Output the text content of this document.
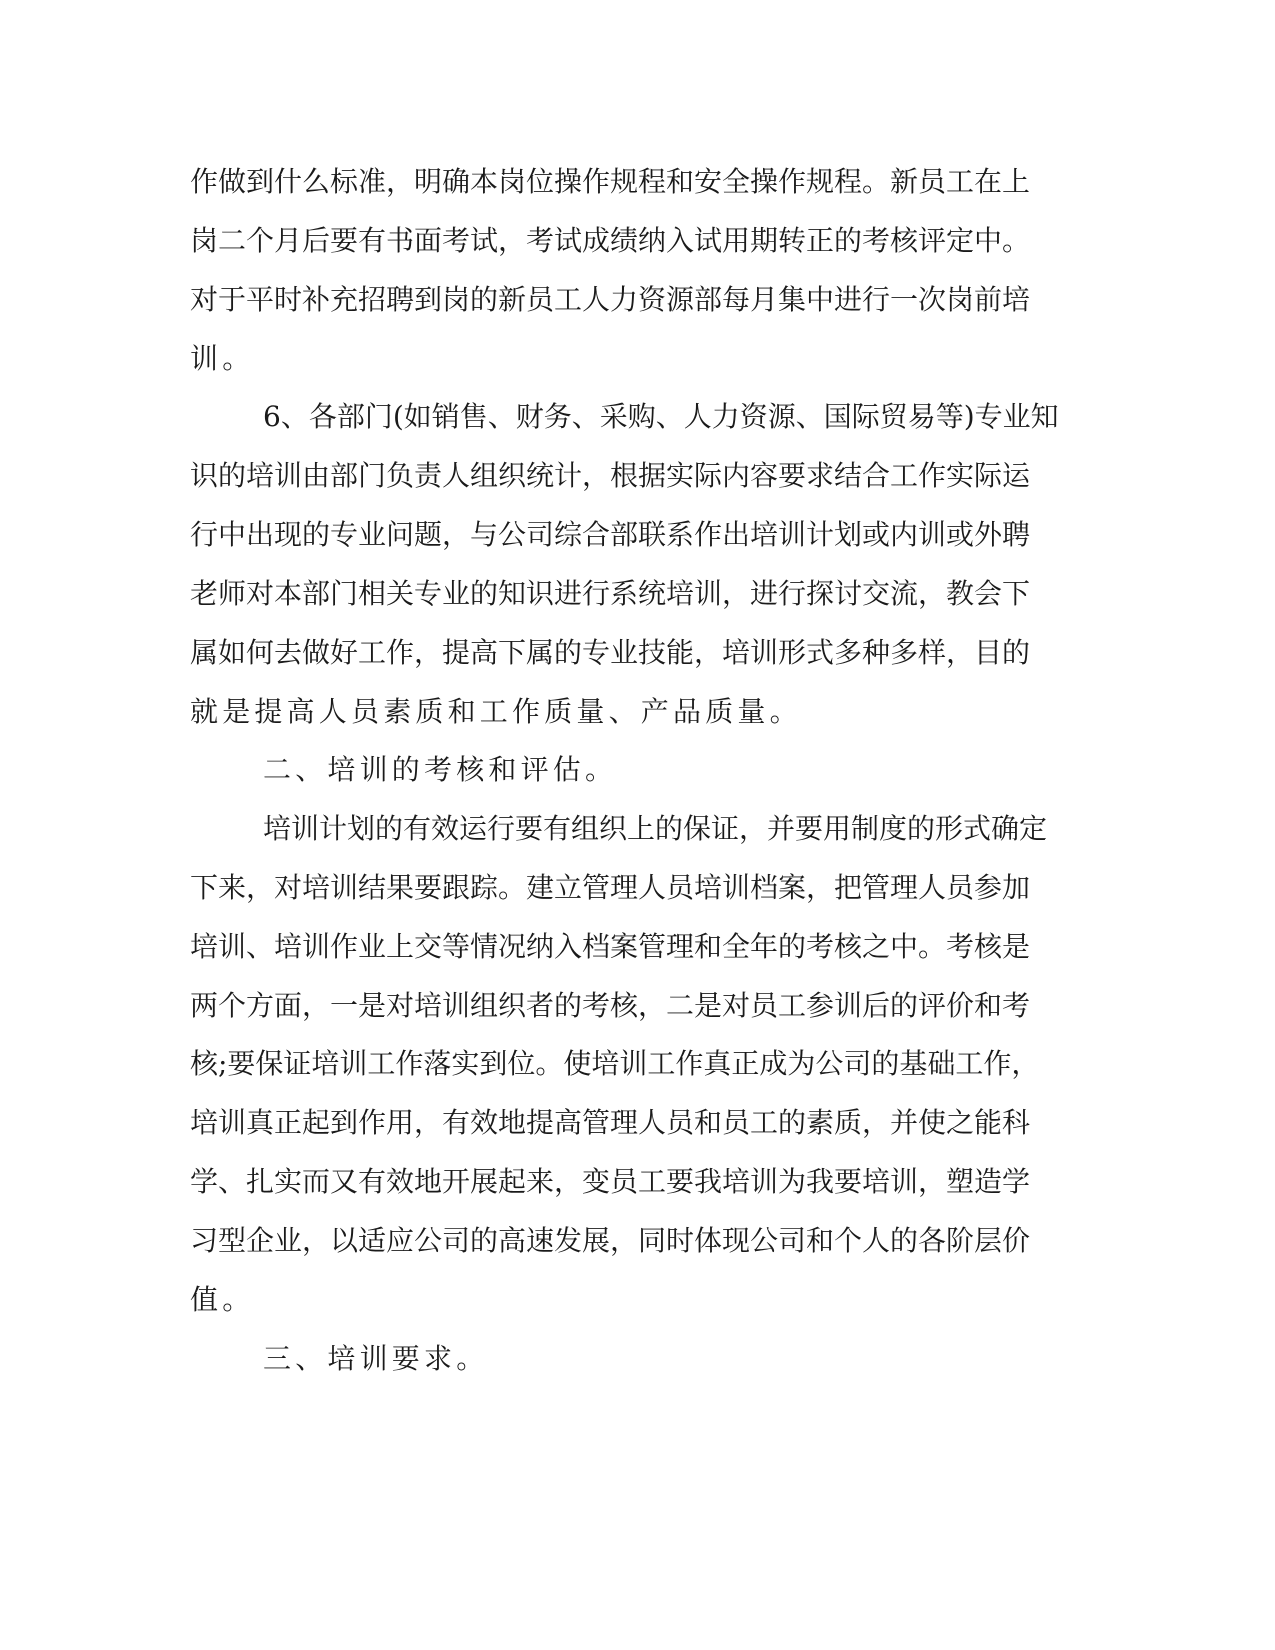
作做到什么标准，明确本岗位操作规程和安全操作规程。新员工在上

岗二个月后要有书面考试，考试成绩纳入试用期转正的考核评定中。

对于平时补充招聘到岗的新员工人力资源部每月集中进行一次岗前培

训。

6、各部门(如销售、财务、采购、人力资源、国际贸易等)专业知

识的培训由部门负责人组织统计，根据实际内容要求结合工作实际运

行中出现的专业问题，与公司综合部联系作出培训计划或内训或外聘

老师对本部门相关专业的知识进行系统培训，进行探讨交流，教会下

属如何去做好工作，提高下属的专业技能，培训形式多种多样，目的

就是提高人员素质和工作质量、产品质量。

二、培训的考核和评估。

培训计划的有效运行要有组织上的保证，并要用制度的形式确定

下来，对培训结果要跟踪。建立管理人员培训档案，把管理人员参加

培训、培训作业上交等情况纳入档案管理和全年的考核之中。考核是

两个方面，一是对培训组织者的考核，二是对员工参训后的评价和考

核;要保证培训工作落实到位。使培训工作真正成为公司的基础工作，

培训真正起到作用，有效地提高管理人员和员工的素质，并使之能科

学、扎实而又有效地开展起来，变员工要我培训为我要培训，塑造学

习型企业，以适应公司的高速发展，同时体现公司和个人的各阶层价

值。

三、培训要求。
